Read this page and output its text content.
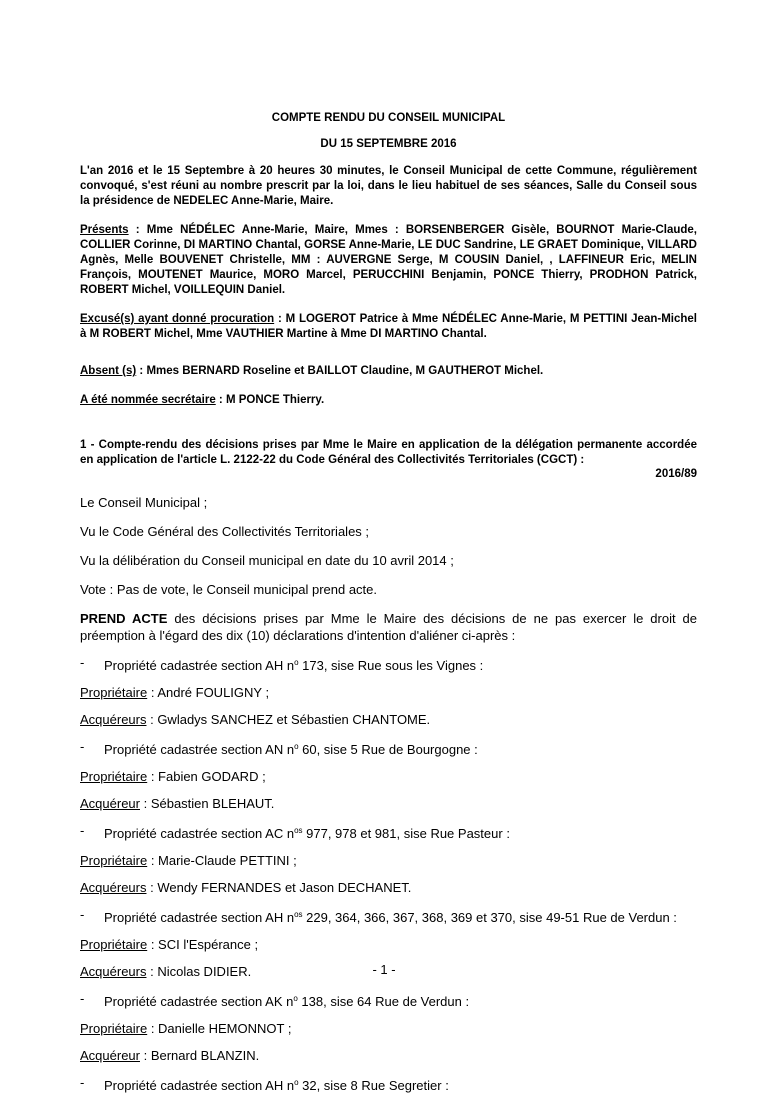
COMPTE RENDU DU CONSEIL MUNICIPAL
DU 15 SEPTEMBRE 2016
L'an 2016 et le 15 Septembre à 20 heures 30 minutes, le Conseil Municipal de cette Commune, régulièrement convoqué, s'est réuni au nombre prescrit par la loi, dans le lieu habituel de ses séances, Salle du Conseil sous la présidence de NEDELEC Anne-Marie, Maire.
Présents : Mme NÉDÉLEC Anne-Marie, Maire, Mmes : BORSENBERGER Gisèle, BOURNOT Marie-Claude, COLLIER Corinne, DI MARTINO Chantal, GORSE Anne-Marie, LE DUC Sandrine, LE GRAET Dominique, VILLARD Agnès, Melle BOUVENET Christelle, MM : AUVERGNE Serge, M COUSIN Daniel, , LAFFINEUR Eric, MELIN François, MOUTENET Maurice, MORO Marcel, PERUCCHINI Benjamin, PONCE Thierry, PRODHON Patrick, ROBERT Michel, VOILLEQUIN Daniel.
Excusé(s) ayant donné procuration : M LOGEROT Patrice à Mme NÉDÉLEC Anne-Marie, M PETTINI Jean-Michel à M ROBERT Michel, Mme VAUTHIER Martine à Mme DI MARTINO Chantal.
Absent (s) : Mmes BERNARD Roseline et BAILLOT Claudine, M GAUTHEROT Michel.
A été nommée secrétaire : M PONCE Thierry.
1 - Compte-rendu des décisions prises par Mme le Maire en application de la délégation permanente accordée en application de l'article L. 2122-22 du Code Général des Collectivités Territoriales (CGCT) :
2016/89
Le Conseil Municipal ;
Vu le Code Général des Collectivités Territoriales ;
Vu la délibération du Conseil municipal en date du 10 avril 2014 ;
Vote : Pas de vote, le Conseil municipal prend acte.
PREND ACTE des décisions prises par Mme le Maire des décisions de ne pas exercer le droit de préemption à l'égard des dix (10) déclarations d'intention d'aliéner ci-après :
-	Propriété cadastrée section AH $n^o$ 173, sise Rue sous les Vignes :
Propriétaire : André FOULIGNY ;
Acquéreurs : Gwladys SANCHEZ et Sébastien CHANTOME.
-	Propriété cadastrée section AN $n^o$ 60, sise 5 Rue de Bourgogne :
Propriétaire : Fabien GODARD ;
Acquéreur : Sébastien BLEHAUT.
-	Propriété cadastrée section AC $n^{os}$ 977, 978 et 981, sise Rue Pasteur :
Propriétaire : Marie-Claude PETTINI ;
Acquéreurs : Wendy FERNANDES et Jason DECHANET.
-	Propriété cadastrée section AH $n^{os}$ 229, 364, 366, 367, 368, 369 et 370, sise 49-51 Rue de Verdun :
Propriétaire : SCI l'Espérance ;
Acquéreurs : Nicolas DIDIER.
-	Propriété cadastrée section AK $n^o$ 138, sise 64 Rue de Verdun :
Propriétaire : Danielle HEMONNOT ;
Acquéreur : Bernard BLANZIN.
-	Propriété cadastrée section AH $n^o$ 32, sise 8 Rue Segretier :
- 1 -
